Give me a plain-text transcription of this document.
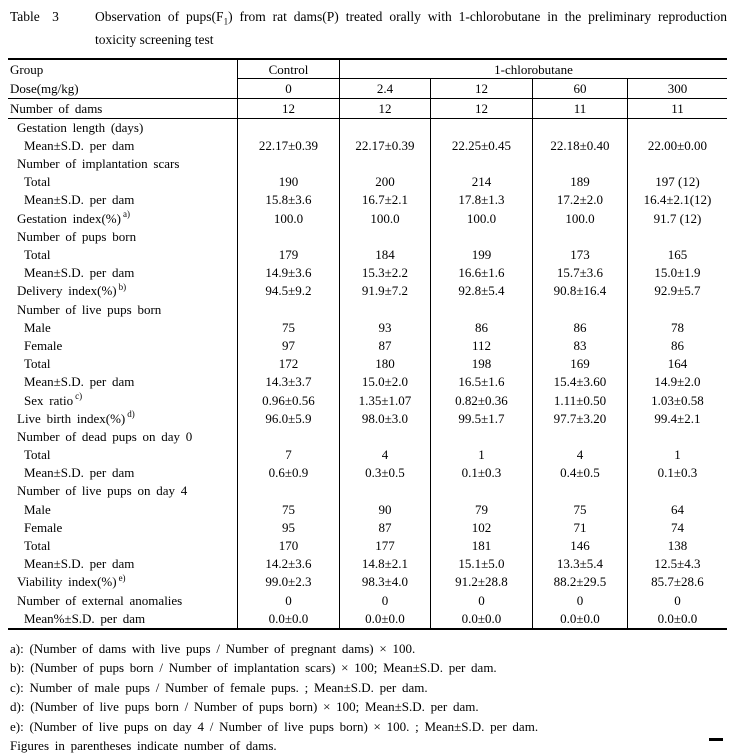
Table 3	Observation of $pups(F_1)$ from rat dams(P) treated orally with 1-chlorobutane in the preliminary reproduction
toxicity screening test
Group	Control	1-chlorobutane
Dose(mg/kg)	0	2.4	12	60	300
Number of dams	12	12	12	11	11
Gestation length (days)
Mean±S.D. per dam	22.17±0.39	22.17±0.39	22.25±0.45	22.18±0.40	22.00±0.00
Number of implantation scars
Total	190	200	214	189	197 (12)
Mean±S.D. per dam	15.8±3.6	16.7±2.1	17.8±1.3	17.2±2.0	16.4±2.1(12)
Gestation index(%) $^{a)}$	100.0	100.0	100.0	100.0	91.7 (12)
Number of pups born
Total	179	184	199	173	165
Mean±S.D. per dam	14.9±3.6	15.3±2.2	16.6±1.6	15.7±3.6	15.0±1.9
Delivery index(%) $^{b)}$	94.5±9.2	91.9±7.2	92.8±5.4	90.8±16.4	92.9±5.7
Number of live pups born
Male	75	93	86	86	78
Female	97	87	112	83	86
Total	172	180	198	169	164
Mean±S.D. per dam	14.3±3.7	15.0±2.0	16.5±1.6	15.4±3.60	14.9±2.0
Sex ratio $^{c)}$	0.96±0.56	1.35±1.07	0.82±0.36	1.11±0.50	1.03±0.58
Live birth index(%) $^{d)}$	96.0±5.9	98.0±3.0	99.5±1.7	97.7±3.20	99.4±2.1
Number of dead pups on day 0
Total	7	4	1	4	1
Mean±S.D. per dam	0.6±0.9	0.3±0.5	0.1±0.3	0.4±0.5	0.1±0.3
Number of live pups on day 4
Male	75	90	79	75	64
Female	95	87	102	71	74
Total	170	177	181	146	138
Mean±S.D. per dam	14.2±3.6	14.8±2.1	15.1±5.0	13.3±5.4	12.5±4.3
Viability index(%) $^{e)}$	99.0±2.3	98.3±4.0	91.2±28.8	88.2±29.5	85.7±28.6
Number of external anomalies	0	0	0	0	0
Mean%±S.D. per dam	0.0±0.0	0.0±0.0	0.0±0.0	0.0±0.0	0.0±0.0
a): (Number of dams with live pups / Number of pregnant dams) × 100.
b): (Number of pups born / Number of implantation scars) × 100; Mean±S.D. per dam.
c): Number of male pups / Number of female pups. ; Mean±S.D. per dam.
d): (Number of live pups born / Number of pups born) × 100; Mean±S.D. per dam.
e): (Number of live pups on day 4 / Number of live pups born) × 100. ; Mean±S.D. per dam.
Figures in parentheses indicate number of dams.
